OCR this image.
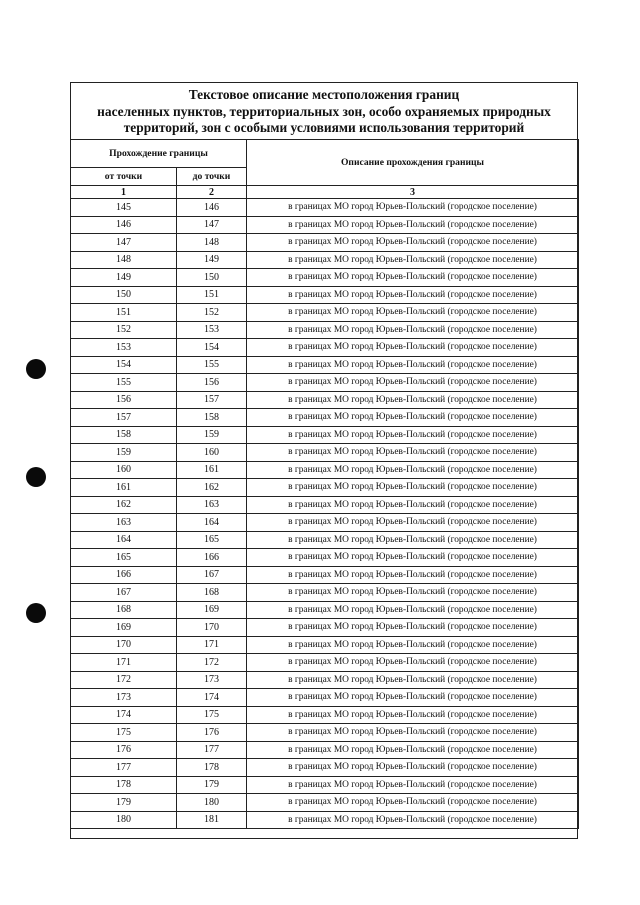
Текстовое описание местоположения границ
населенных пунктов, территориальных зон, особо охраняемых природных
территорий, зон с особыми условиями использования территорий
Прохождение границы		Описание прохождения границы
от точки	до точки	
1	2	3
145	146	в границах МО город Юрьев-Польский (городское поселение)
146	147	в границах МО город Юрьев-Польский (городское поселение)
147	148	в границах МО город Юрьев-Польский (городское поселение)
148	149	в границах МО город Юрьев-Польский (городское поселение)
149	150	в границах МО город Юрьев-Польский (городское поселение)
150	151	в границах МО город Юрьев-Польский (городское поселение)
151	152	в границах МО город Юрьев-Польский (городское поселение)
152	153	в границах МО город Юрьев-Польский (городское поселение)
153	154	в границах МО город Юрьев-Польский (городское поселение)
154	155	в границах МО город Юрьев-Польский (городское поселение)
155	156	в границах МО город Юрьев-Польский (городское поселение)
156	157	в границах МО город Юрьев-Польский (городское поселение)
157	158	в границах МО город Юрьев-Польский (городское поселение)
158	159	в границах МО город Юрьев-Польский (городское поселение)
159	160	в границах МО город Юрьев-Польский (городское поселение)
160	161	в границах МО город Юрьев-Польский (городское поселение)
161	162	в границах МО город Юрьев-Польский (городское поселение)
162	163	в границах МО город Юрьев-Польский (городское поселение)
163	164	в границах МО город Юрьев-Польский (городское поселение)
164	165	в границах МО город Юрьев-Польский (городское поселение)
165	166	в границах МО город Юрьев-Польский (городское поселение)
166	167	в границах МО город Юрьев-Польский (городское поселение)
167	168	в границах МО город Юрьев-Польский (городское поселение)
168	169	в границах МО город Юрьев-Польский (городское поселение)
169	170	в границах МО город Юрьев-Польский (городское поселение)
170	171	в границах МО город Юрьев-Польский (городское поселение)
171	172	в границах МО город Юрьев-Польский (городское поселение)
172	173	в границах МО город Юрьев-Польский (городское поселение)
173	174	в границах МО город Юрьев-Польский (городское поселение)
174	175	в границах МО город Юрьев-Польский (городское поселение)
175	176	в границах МО город Юрьев-Польский (городское поселение)
176	177	в границах МО город Юрьев-Польский (городское поселение)
177	178	в границах МО город Юрьев-Польский (городское поселение)
178	179	в границах МО город Юрьев-Польский (городское поселение)
179	180	в границах МО город Юрьев-Польский (городское поселение)
180	181	в границах МО город Юрьев-Польский (городское поселение)
